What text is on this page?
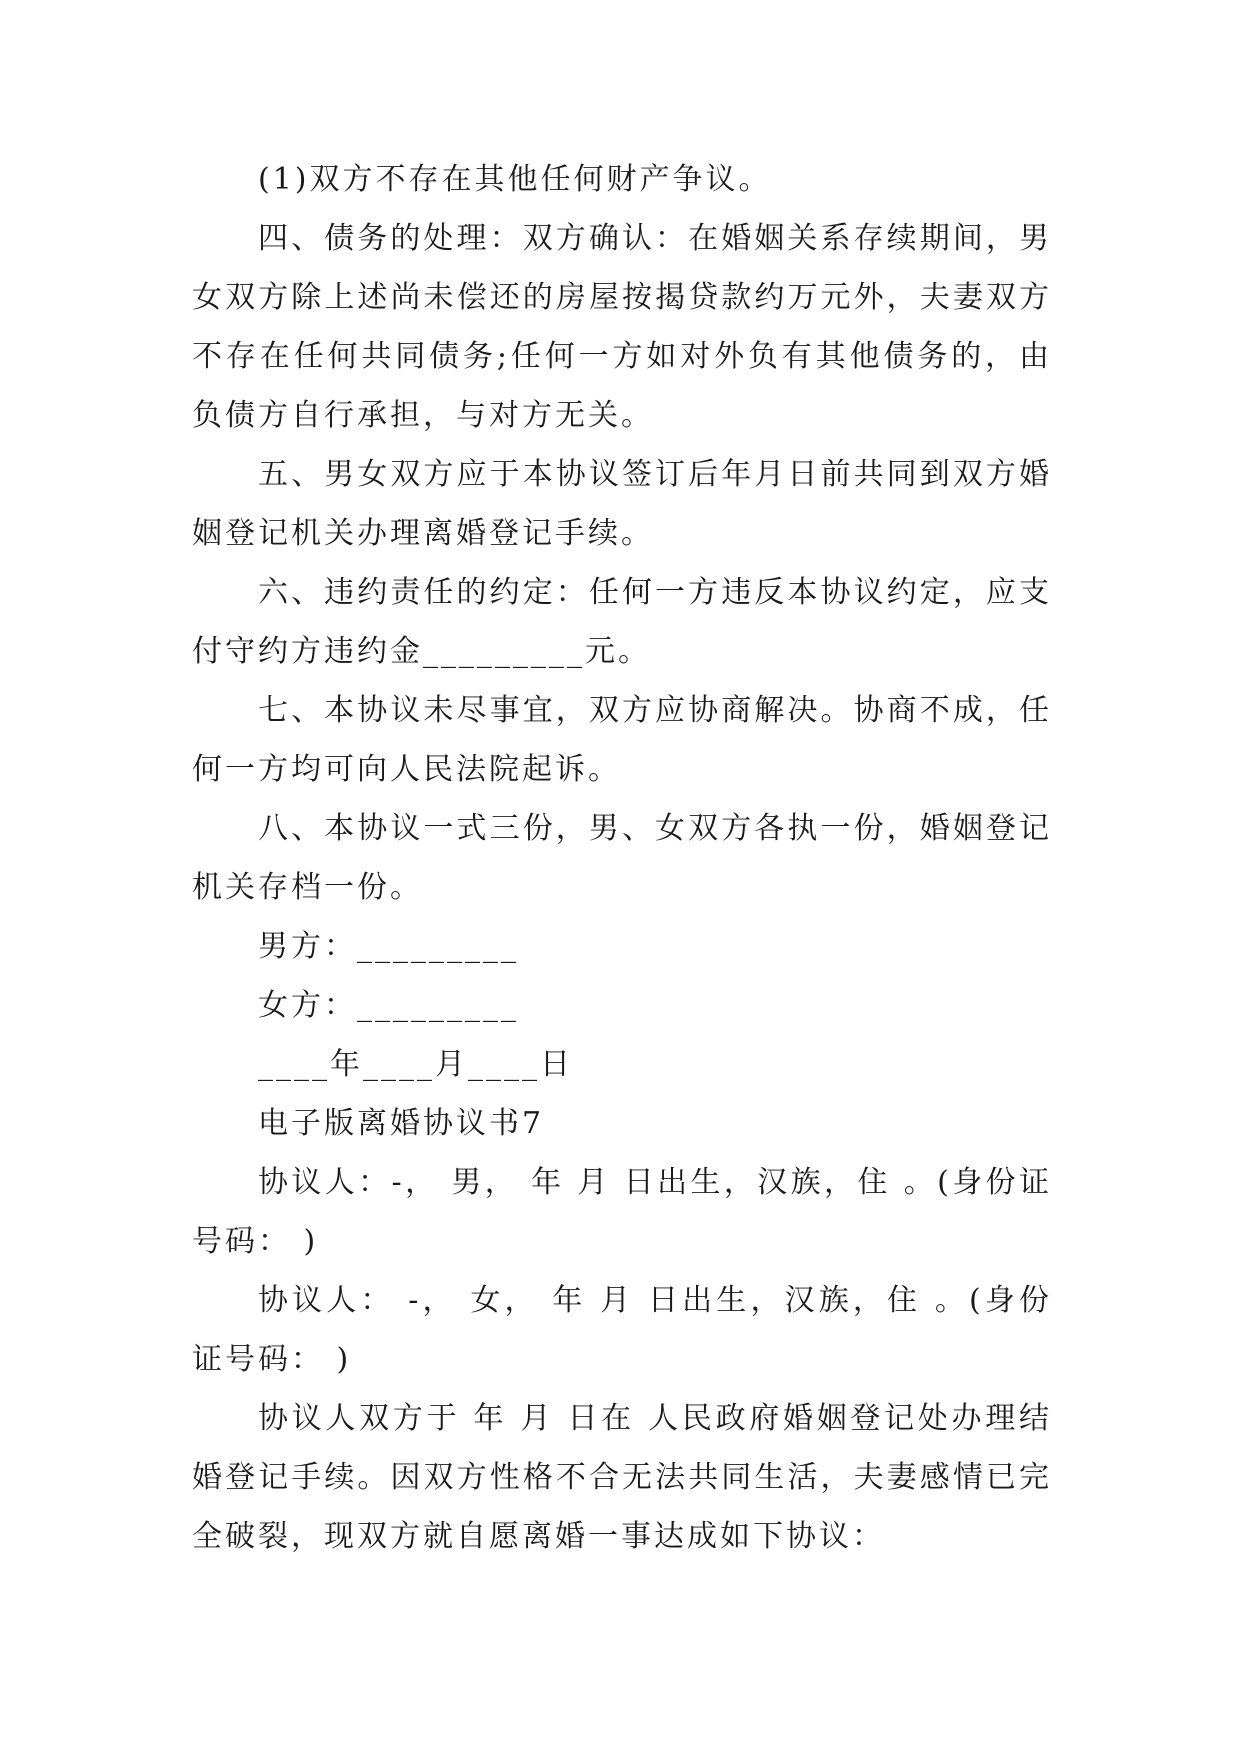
(1)双方不存在其他任何财产争议。

四、债务的处理：双方确认：在婚姻关系存续期间，男女双方除上述尚未偿还的房屋按揭贷款约万元外，夫妻双方不存在任何共同债务;任何一方如对外负有其他债务的，由负债方自行承担，与对方无关。

五、男女双方应于本协议签订后年月日前共同到双方婚姻登记机关办理离婚登记手续。

六、违约责任的约定：任何一方违反本协议约定，应支付守约方违约金_________元。

七、本协议未尽事宜，双方应协商解决。协商不成，任何一方均可向人民法院起诉。

八、本协议一式三份，男、女双方各执一份，婚姻登记机关存档一份。

男方：_________

女方：_________

____年____月____日

电子版离婚协议书7

协议人：-， 男， 年 月 日出生，汉族，住 。(身份证号码： )

协议人： -， 女， 年 月 日出生，汉族，住 。(身份证号码： )

协议人双方于 年 月 日在 人民政府婚姻登记处办理结婚登记手续。因双方性格不合无法共同生活，夫妻感情已完全破裂，现双方就自愿离婚一事达成如下协议：
